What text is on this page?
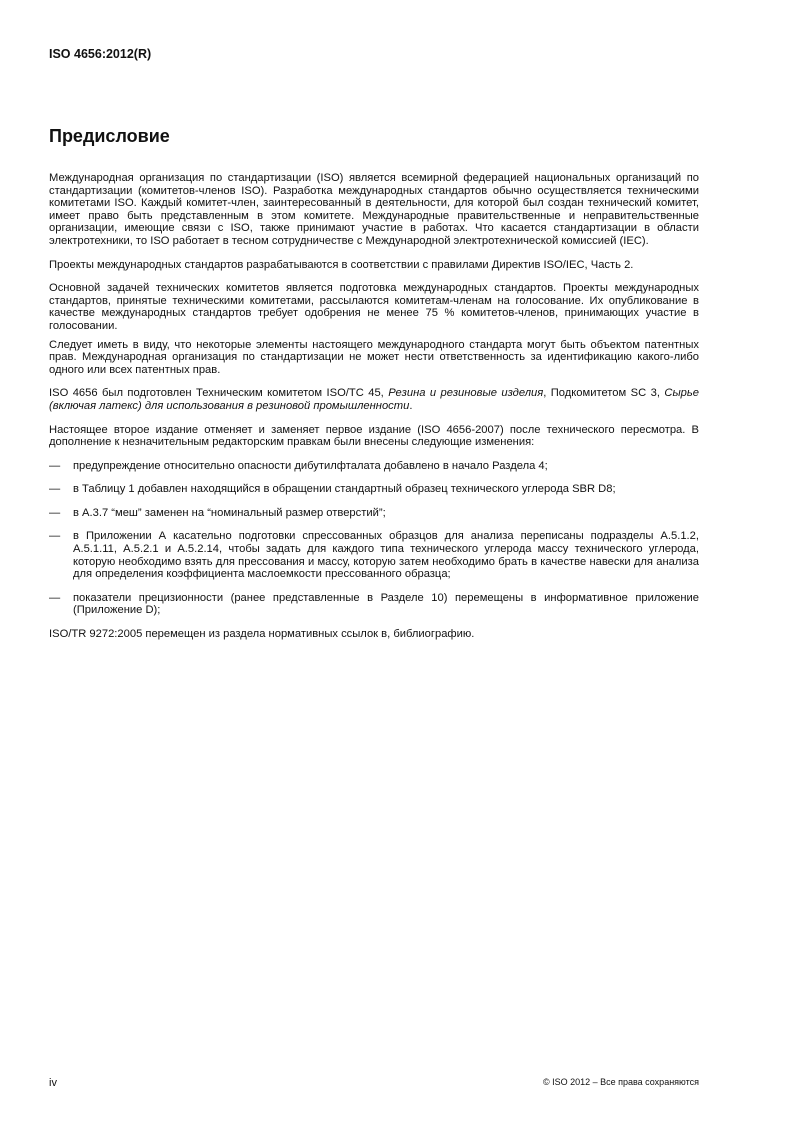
ISO 4656:2012(R)
Предисловие

Международная организация по стандартизации (ISO) является всемирной федерацией национальных организаций по стандартизации (комитетов-членов ISO). Разработка международных стандартов обычно осуществляется техническими комитетами ISO. Каждый комитет-член, заинтересованный в деятельности, для которой был создан технический комитет, имеет право быть представленным в этом комитете. Международные правительственные и неправительственные организации, имеющие связи с ISO, также принимают участие в работах. Что касается стандартизации в области электротехники, то ISO работает в тесном сотрудничестве с Международной электротехнической комиссией (IEC).

Проекты международных стандартов разрабатываются в соответствии с правилами Директив ISO/IEC, Часть 2.

Основной задачей технических комитетов является подготовка международных стандартов. Проекты международных стандартов, принятые техническими комитетами, рассылаются комитетам-членам на голосование. Их опубликование в качестве международных стандартов требует одобрения не менее 75 % комитетов-членов, принимающих участие в голосовании.

Следует иметь в виду, что некоторые элементы настоящего международного стандарта могут быть объектом патентных прав. Международная организация по стандартизации не может нести ответственность за идентификацию какого-либо одного или всех патентных прав.

ISO 4656 был подготовлен Техническим комитетом ISO/TC 45, Резина и резиновые изделия, Подкомитетом SC 3, Сырье (включая латекс) для использования в резиновой промышленности.

Настоящее второе издание отменяет и заменяет первое издание (ISO 4656-2007) после технического пересмотра. В дополнение к незначительным редакторским правкам были внесены следующие изменения:

— предупреждение относительно опасности дибутилфталата добавлено в начало Раздела 4;
— в Таблицу 1 добавлен находящийся в обращении стандартный образец технического углерода SBR D8;
— в А.3.7 “меш” заменен на “номинальный размер отверстий”;
— в Приложении А касательно подготовки спрессованных образцов для анализа переписаны подразделы А.5.1.2, А.5.1.11, А.5.2.1 и А.5.2.14, чтобы задать для каждого типа технического углерода массу технического углерода, которую необходимо взять для прессования и массу, которую затем необходимо брать в качестве навески для анализа для определения коэффициента маслоемкости прессованного образца;
— показатели прецизионности (ранее представленные в Разделе 10) перемещены в информативное приложение (Приложение D);

ISO/TR 9272:2005 перемещен из раздела нормативных ссылок в, библиографию.

iv	© ISO 2012 – Все права сохраняются
